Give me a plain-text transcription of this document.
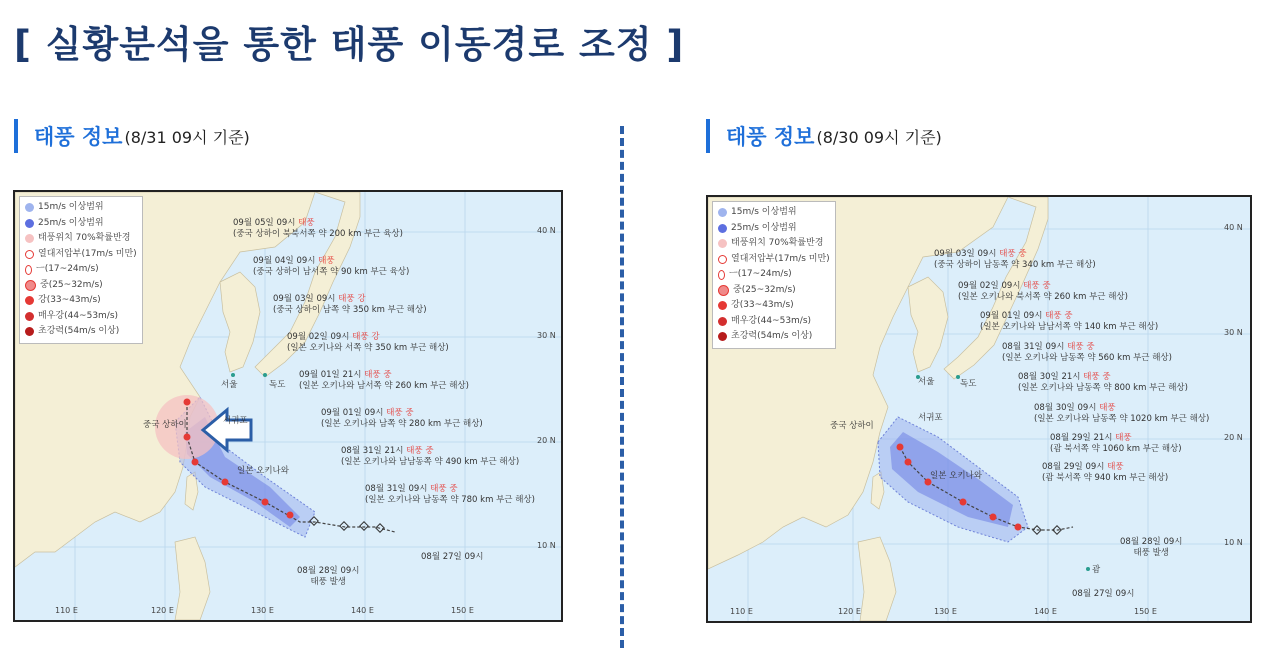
[ 실황분석을 통한 태풍 이동경로 조정 ]
태풍 정보 (8/31 09시 기준)	태풍 정보 (8/30 09시 기준)
15m/s 이상범위
25m/s 이상범위
태풍위치 70%확률반경
열대저압부(17m/s 미만)
ㅡ(17~24m/s)
중(25~32m/s)
강(33~43m/s)
매우강(44~53m/s)
초강력(54m/s 이상)
09월 05일 09시 태풍
(중국 상하이 북북서쪽 약 200 km 부근 육상)
09월 04일 09시 태풍
(중국 상하이 남서쪽 약 90 km 부근 육상)
09월 03일 09시 태풍 강
(중국 상하이 남쪽 약 350 km 부근 해상)
09월 02일 09시 태풍 강
(일본 오키나와 서쪽 약 350 km 부근 해상)
09월 01일 21시 태풍 중
(일본 오키나와 남서쪽 약 260 km 부근 해상)
09월 01일 09시 태풍 중
(일본 오키나와 남쪽 약 280 km 부근 해상)
08월 31일 21시 태풍 중
(일본 오키나와 남남동쪽 약 490 km 부근 해상)
08월 31일 09시 태풍 중
(일본 오키나와 남동쪽 약 780 km 부근 해상)
08월 27일 09시
08월 28일 09시
태풍 발생
중국 상하이
서울	독도
서귀포
일본 오키나와
110 E	120 E	130 E	140 E	150 E
40 N
30 N
20 N
10 N
15m/s 이상범위
25m/s 이상범위
태풍위치 70%확률반경
열대저압부(17m/s 미만)
ㅡ(17~24m/s)
중(25~32m/s)
강(33~43m/s)
매우강(44~53m/s)
초강력(54m/s 이상)
09월 03일 09시 태풍 중
(중국 상하이 남동쪽 약 340 km 부근 해상)
09월 02일 09시 태풍 중
(일본 오키나와 북서쪽 약 260 km 부근 해상)
09월 01일 09시 태풍 중
(일본 오키나와 남남서쪽 약 140 km 부근 해상)
08월 31일 09시 태풍 중
(일본 오키나와 남동쪽 약 560 km 부근 해상)
08월 30일 21시 태풍 중
(일본 오키나와 남동쪽 약 800 km 부근 해상)
08월 30일 09시 태풍
(일본 오키나와 남동쪽 약 1020 km 부근 해상)
08월 29일 21시 태풍
(괌 북서쪽 약 1060 km 부근 해상)
08월 29일 09시 태풍
(괌 북서쪽 약 940 km 부근 해상)
08월 28일 09시
태풍 발생
08월 27일 09시
중국 상하이
서울	독도
서귀포
일본 오키나와
괌
110 E	120 E	130 E	140 E	150 E
40 N
30 N
20 N
10 N
